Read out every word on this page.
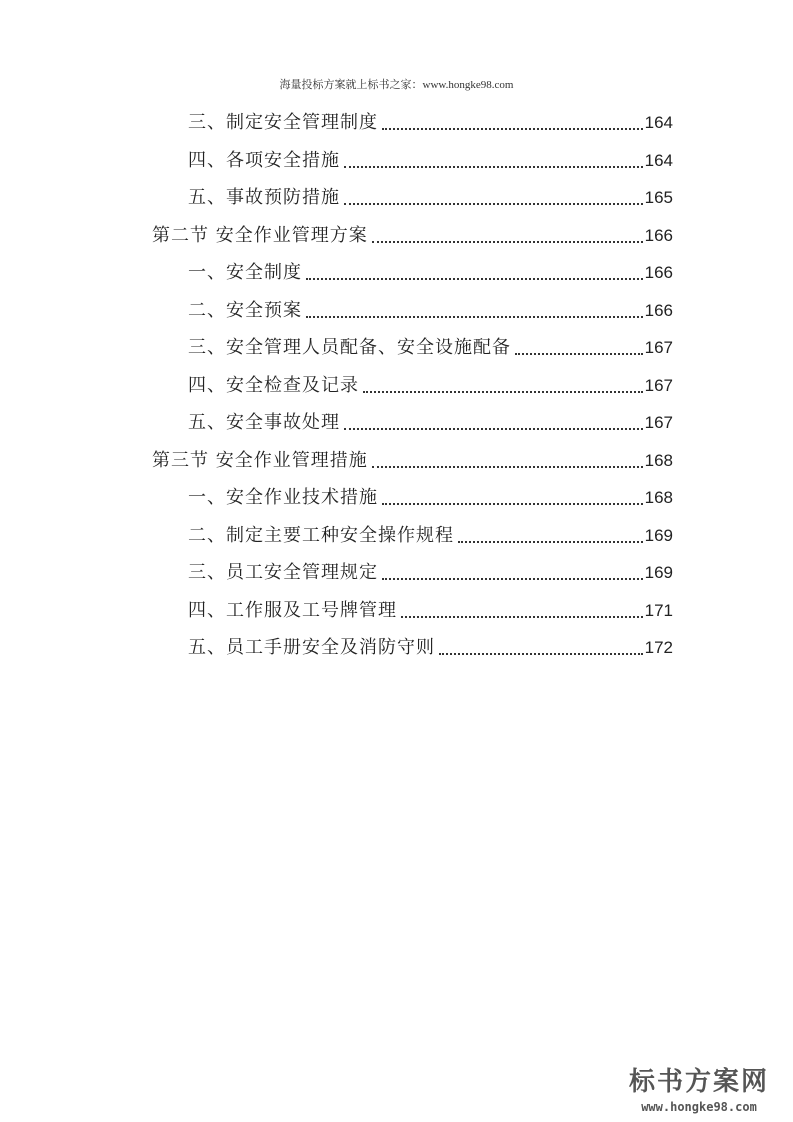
海量投标方案就上标书之家：www.hongke98.com
三、制定安全管理制度	164
四、各项安全措施	164
五、事故预防措施	165
第二节 安全作业管理方案	166
一、安全制度	166
二、安全预案	166
三、安全管理人员配备、安全设施配备	167
四、安全检查及记录	167
五、安全事故处理	167
第三节 安全作业管理措施	168
一、安全作业技术措施	168
二、制定主要工种安全操作规程	169
三、员工安全管理规定	169
四、工作服及工号牌管理	171
五、员工手册安全及消防守则	172
标书方案网
www.hongke98.com
